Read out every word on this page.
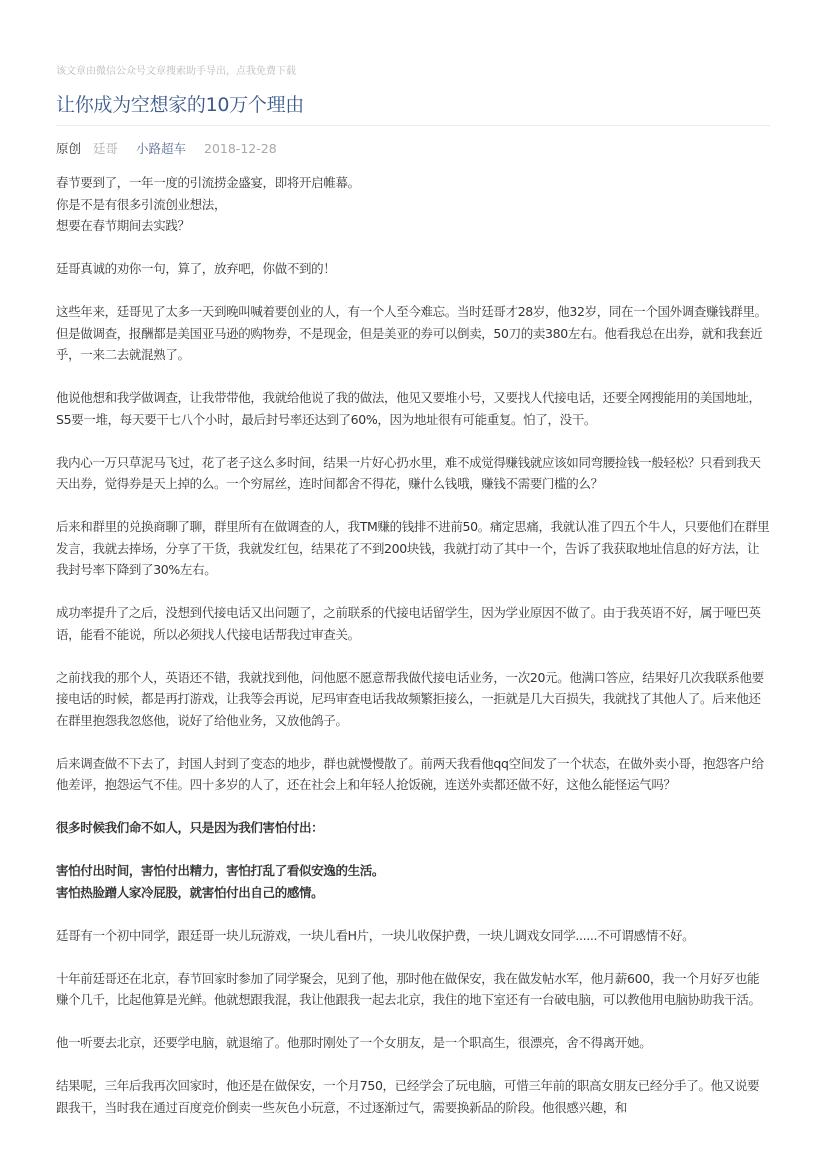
该文章由微信公众号文章搜索助手导出，点我免费下载
让你成为空想家的10万个理由
原创 廷哥 小路超车 2018-12-28

春节要到了，一年一度的引流捞金盛宴，即将开启帷幕。

你是不是有很多引流创业想法，

想要在春节期间去实践？

廷哥真诚的劝你一句，算了，放弃吧，你做不到的！

这些年来，廷哥见了太多一天到晚叫喊着要创业的人，有一个人至今难忘。当时廷哥才28岁，他32岁，同在一个国外调查赚钱群里。但是做调查，报酬都是美国亚马逊的购物券，不是现金，但是美亚的券可以倒卖，50刀的卖380左右。他看我总在出券，就和我套近乎，一来二去就混熟了。

他说他想和我学做调查，让我带带他，我就给他说了我的做法，他见又要堆小号，又要找人代接电话，还要全网搜能用的美国地址，S5要一堆，每天要干七八个小时，最后封号率还达到了60%，因为地址很有可能重复。怕了，没干。

我内心一万只草泥马飞过，花了老子这么多时间，结果一片好心扔水里，难不成觉得赚钱就应该如同弯腰捡钱一般轻松？只看到我天天出券，觉得券是天上掉的么。一个穷屌丝，连时间都舍不得花，赚什么钱哦，赚钱不需要门槛的么？

后来和群里的兑换商聊了聊，群里所有在做调查的人，我TM赚的钱排不进前50。痛定思痛，我就认准了四五个牛人，只要他们在群里发言，我就去捧场，分享了干货，我就发红包，结果花了不到200块钱，我就打动了其中一个，告诉了我获取地址信息的好方法，让我封号率下降到了30%左右。

成功率提升了之后，没想到代接电话又出问题了，之前联系的代接电话留学生，因为学业原因不做了。由于我英语不好，属于哑巴英语，能看不能说，所以必须找人代接电话帮我过审查关。

之前找我的那个人，英语还不错，我就找到他，问他愿不愿意帮我做代接电话业务，一次20元。他满口答应，结果好几次我联系他要接电话的时候，都是再打游戏，让我等会再说，尼玛审查电话我故频繁拒接么，一拒就是几大百损失，我就找了其他人了。后来他还在群里抱怨我忽悠他，说好了给他业务，又放他鸽子。

后来调查做不下去了，封国人封到了变态的地步，群也就慢慢散了。前两天我看他qq空间发了一个状态，在做外卖小哥，抱怨客户给他差评，抱怨运气不佳。四十多岁的人了，还在社会上和年轻人抢饭碗，连送外卖都还做不好，这他么能怪运气吗？

很多时候我们命不如人，只是因为我们害怕付出：

害怕付出时间，害怕付出精力，害怕打乱了看似安逸的生活。

害怕热脸蹭人家冷屁股，就害怕付出自己的感情。

廷哥有一个初中同学，跟廷哥一块儿玩游戏，一块儿看H片，一块儿收保护费，一块儿调戏女同学......不可谓感情不好。

十年前廷哥还在北京，春节回家时参加了同学聚会，见到了他，那时他在做保安，我在做发帖水军，他月薪600，我一个月好歹也能赚个几千，比起他算是光鲜。他就想跟我混，我让他跟我一起去北京，我住的地下室还有一台破电脑，可以教他用电脑协助我干活。

他一听要去北京，还要学电脑，就退缩了。他那时刚处了一个女朋友，是一个职高生，很漂亮，舍不得离开她。

结果呢，三年后我再次回家时，他还是在做保安，一个月750，已经学会了玩电脑，可惜三年前的职高女朋友已经分手了。他又说要跟我干，当时我在通过百度竞价倒卖一些灰色小玩意，不过逐渐过气，需要换新品的阶段。他很感兴趣，和
